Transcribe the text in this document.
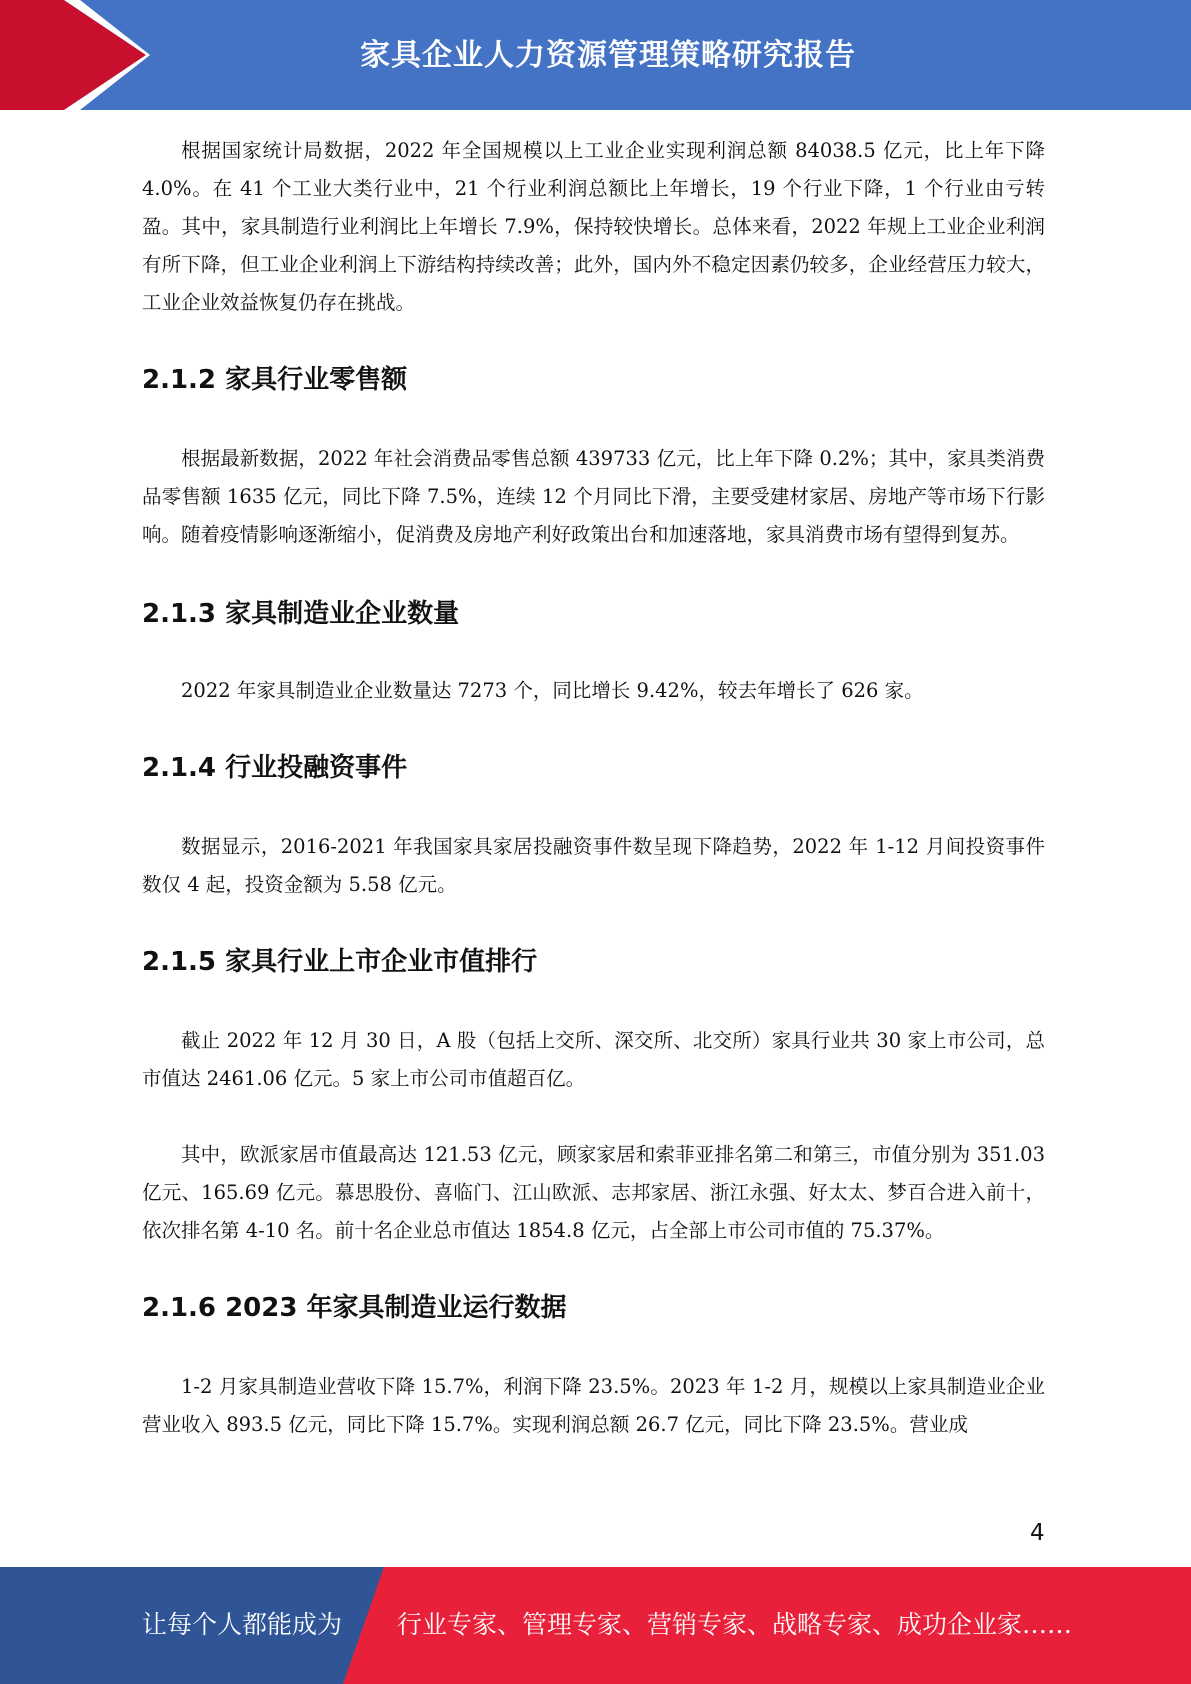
家具企业人力资源管理策略研究报告

根据国家统计局数据，2022 年全国规模以上工业企业实现利润总额 84038.5 亿元，比上年下降 4.0%。在 41 个工业大类行业中，21 个行业利润总额比上年增长，19 个行业下降，1 个行业由亏转盈。其中，家具制造行业利润比上年增长 7.9%，保持较快增长。总体来看，2022 年规上工业企业利润有所下降，但工业企业利润上下游结构持续改善；此外，国内外不稳定因素仍较多，企业经营压力较大，工业企业效益恢复仍存在挑战。

2.1.2 家具行业零售额

根据最新数据，2022 年社会消费品零售总额 439733 亿元，比上年下降 0.2%；其中，家具类消费品零售额 1635 亿元，同比下降 7.5%，连续 12 个月同比下滑，主要受建材家居、房地产等市场下行影响。随着疫情影响逐渐缩小，促消费及房地产利好政策出台和加速落地，家具消费市场有望得到复苏。

2.1.3 家具制造业企业数量

2022 年家具制造业企业数量达 7273 个，同比增长 9.42%，较去年增长了 626 家。

2.1.4 行业投融资事件

数据显示，2016-2021 年我国家具家居投融资事件数呈现下降趋势，2022 年 1-12 月间投资事件数仅 4 起，投资金额为 5.58 亿元。

2.1.5 家具行业上市企业市值排行

截止 2022 年 12 月 30 日，A 股（包括上交所、深交所、北交所）家具行业共 30 家上市公司，总市值达 2461.06 亿元。5 家上市公司市值超百亿。

其中，欧派家居市值最高达 121.53 亿元，顾家家居和索菲亚排名第二和第三，市值分别为 351.03 亿元、165.69 亿元。慕思股份、喜临门、江山欧派、志邦家居、浙江永强、好太太、梦百合进入前十，依次排名第 4-10 名。前十名企业总市值达 1854.8 亿元，占全部上市公司市值的 75.37%。

2.1.6 2023 年家具制造业运行数据

1-2 月家具制造业营收下降 15.7%，利润下降 23.5%。2023 年 1-2 月，规模以上家具制造业企业营业收入 893.5 亿元，同比下降 15.7%。实现利润总额 26.7 亿元，同比下降 23.5%。营业成

4
让每个人都能成为 行业专家、管理专家、营销专家、战略专家、成功企业家……
